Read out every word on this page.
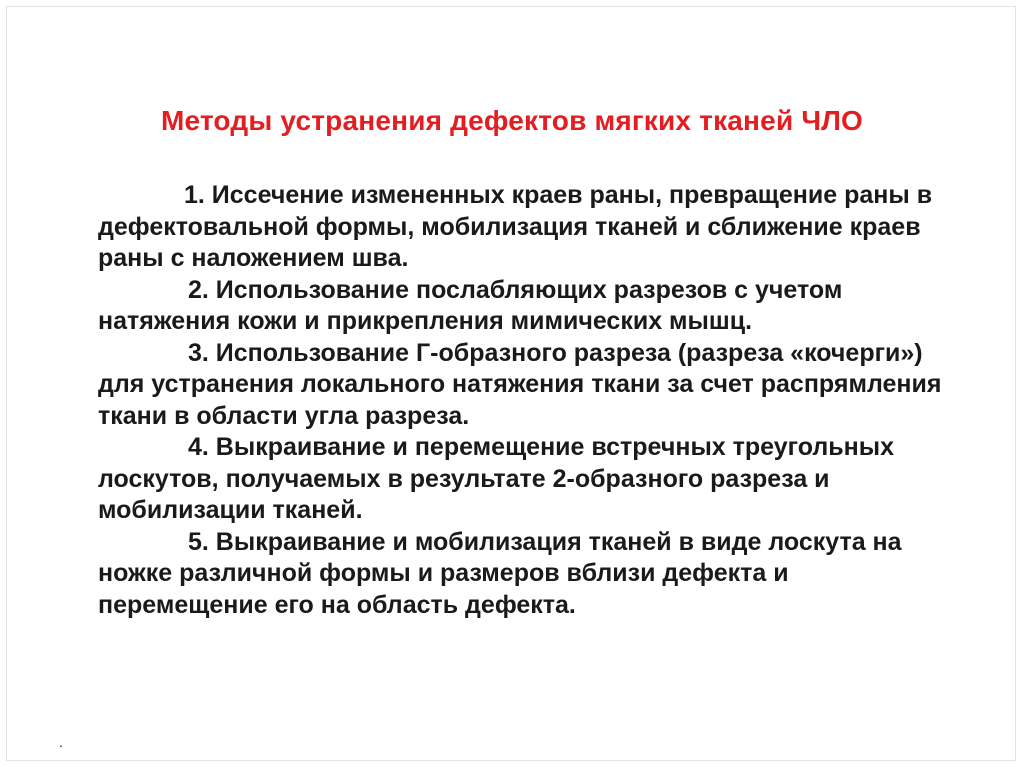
Методы устранения дефектов мягких тканей ЧЛО

1. Иссечение измененных краев раны, превращение раны в дефектовальной формы, мобилизация тканей и сближение краев раны с наложением шва.

2. Использование послабляющих разрезов с учетом натяжения кожи и прикрепления мимических мышц.

3. Использование Г-образного разреза (разреза «кочерги») для устранения локального натяжения ткани за счет распрямления ткани в области угла разреза.

4. Выкраивание и перемещение встречных треугольных лоскутов, получаемых в результате 2-образного разреза и мобилизации тканей.

5. Выкраивание и мобилизация тканей в виде лоскута на ножке различной формы и размеров вблизи дефекта и перемещение его на область дефекта.

.
